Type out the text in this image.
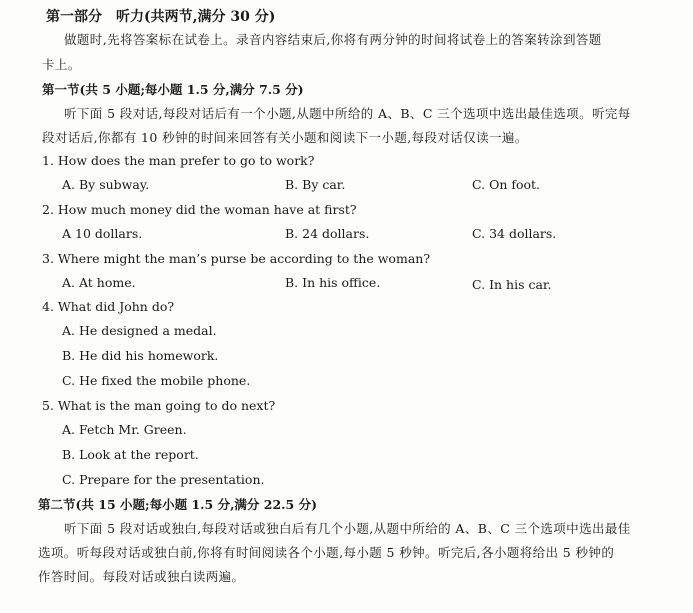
第一部分　听力(共两节,满分 30 分)
做题时,先将答案标在试卷上。录音内容结束后,你将有两分钟的时间将试卷上的答案转涂到答题
卡上。
第一节(共 5 小题;每小题 1.5 分,满分 7.5 分)
听下面 5 段对话,每段对话后有一个小题,从题中所给的 A、B、C 三个选项中选出最佳选项。听完每
段对话后,你都有 10 秒钟的时间来回答有关小题和阅读下一小题,每段对话仅读一遍。
1. How does the man prefer to go to work?
A. By subway.	B. By car.	C. On foot.
2. How much money did the woman have at first?
A 10 dollars.	B. 24 dollars.	C. 34 dollars.
3. Where might the man’s purse be according to the woman?
A. At home.	B. In his office.	C. In his car.
4. What did John do?
A. He designed a medal.
B. He did his homework.
C. He fixed the mobile phone.
5. What is the man going to do next?
A. Fetch Mr. Green.
B. Look at the report.
C. Prepare for the presentation.
第二节(共 15 小题;每小题 1.5 分,满分 22.5 分)
听下面 5 段对话或独白,每段对话或独白后有几个小题,从题中所给的 A、B、C 三个选项中选出最佳
选项。听每段对话或独白前,你将有时间阅读各个小题,每小题 5 秒钟。听完后,各小题将给出 5 秒钟的
作答时间。每段对话或独白读两遍。
